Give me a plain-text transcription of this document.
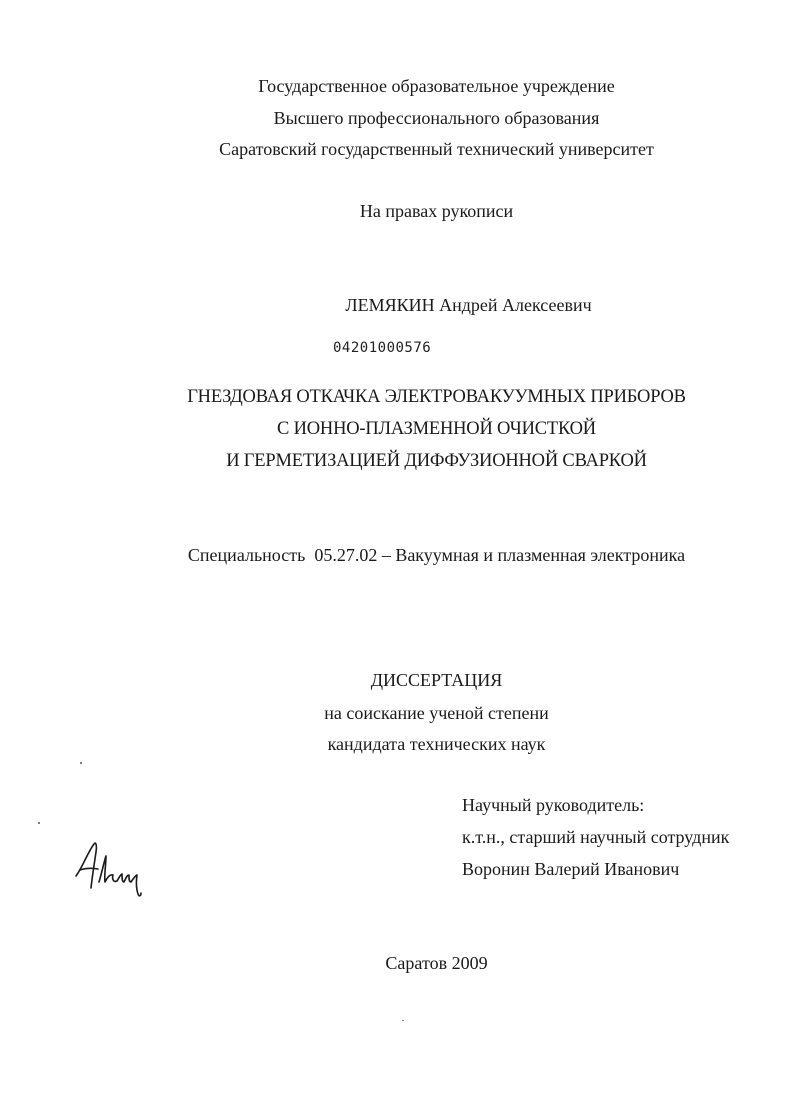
Государственное образовательное учреждение
Высшего профессионального образования
Саратовский государственный технический университет
На правах рукописи
ЛЕМЯКИН Андрей Алексеевич
04201000576
ГНЕЗДОВАЯ ОТКАЧКА ЭЛЕКТРОВАКУУМНЫХ ПРИБОРОВ
С ИОННО-ПЛАЗМЕННОЙ ОЧИСТКОЙ
И ГЕРМЕТИЗАЦИЕЙ ДИФФУЗИОННОЙ СВАРКОЙ
Специальность 05.27.02 – Вакуумная и плазменная электроника
ДИССЕРТАЦИЯ
на соискание ученой степени
кандидата технических наук
Научный руководитель:
к.т.н., старший научный сотрудник
Воронин Валерий Иванович
Саратов 2009
